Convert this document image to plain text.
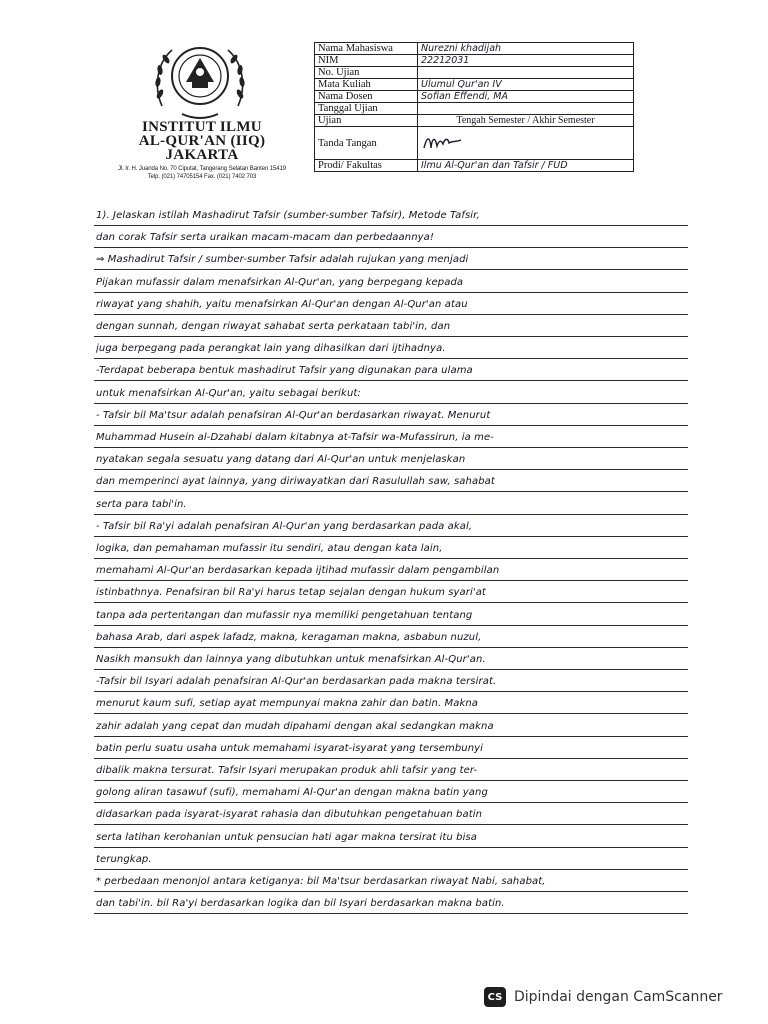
INSTITUT ILMU
AL-QUR'AN (IIQ)
JAKARTA
Jl. Ir. H. Juanda No. 70 Ciputat, Tangerang Selatan Banten 15419
Telp. (021) 74705154 Fax. (021) 7402 703
Nama Mahasiswa	Nurezni khadijah
NIM	22212031
No. Ujian	
Mata Kuliah	Ulumul Qur'an IV
Nama Dosen	Sofian Effendi, MA
Tanggal Ujian	
Ujian	Tengah Semester / Akhir Semester
Tanda Tangan	
Prodi/ Fakultas	Ilmu Al-Qur'an dan Tafsir / FUD
1). Jelaskan istilah Mashadirut Tafsir (sumber-sumber Tafsir), Metode Tafsir,
dan corak Tafsir serta uraikan macam-macam dan perbedaannya!
⇒ Mashadirut Tafsir / sumber-sumber Tafsir adalah rujukan yang menjadi
Pijakan mufassir dalam menafsirkan Al-Qur'an, yang berpegang kepada
riwayat yang shahih, yaitu menafsirkan Al-Qur'an dengan Al-Qur'an atau
dengan sunnah, dengan riwayat sahabat serta perkataan tabi'in, dan
juga berpegang pada perangkat lain yang dihasilkan dari ijtihadnya.
-Terdapat beberapa bentuk mashadirut Tafsir yang digunakan para ulama
untuk menafsirkan Al-Qur'an, yaitu sebagai berikut:
- Tafsir bil Ma'tsur adalah penafsiran Al-Qur'an berdasarkan riwayat. Menurut
Muhammad Husein al-Dzahabi dalam kitabnya at-Tafsir wa-Mufassirun, ia me-
nyatakan segala sesuatu yang datang dari Al-Qur'an untuk menjelaskan
dan memperinci ayat lainnya, yang diriwayatkan dari Rasulullah saw, sahabat
serta para tabi'in.
- Tafsir bil Ra'yi adalah penafsiran Al-Qur'an yang berdasarkan pada akal,
logika, dan pemahaman mufassir itu sendiri, atau dengan kata lain,
memahami Al-Qur'an berdasarkan kepada ijtihad mufassir dalam pengambilan
istinbathnya. Penafsiran bil Ra'yi harus tetap sejalan dengan hukum syari'at
tanpa ada pertentangan dan mufassir nya memiliki pengetahuan tentang
bahasa Arab, dari aspek lafadz, makna, keragaman makna, asbabun nuzul,
Nasikh mansukh dan lainnya yang dibutuhkan untuk menafsirkan Al-Qur'an.
-Tafsir bil Isyari adalah penafsiran Al-Qur'an berdasarkan pada makna tersirat.
menurut kaum sufi, setiap ayat mempunyai makna zahir dan batin. Makna
zahir adalah yang cepat dan mudah dipahami dengan akal sedangkan makna
batin perlu suatu usaha untuk memahami isyarat-isyarat yang tersembunyi
dibalik makna tersurat. Tafsir Isyari merupakan produk ahli tafsir yang ter-
golong aliran tasawuf (sufi), memahami Al-Qur'an dengan makna batin yang
didasarkan pada isyarat-isyarat rahasia dan dibutuhkan pengetahuan batin
serta latihan kerohanian untuk pensucian hati agar makna tersirat itu bisa
terungkap.
* perbedaan menonjol antara ketiganya: bil Ma'tsur berdasarkan riwayat Nabi, sahabat,
dan tabi'in. bil Ra'yi berdasarkan logika dan bil Isyari berdasarkan makna batin.
CS Dipindai dengan CamScanner
